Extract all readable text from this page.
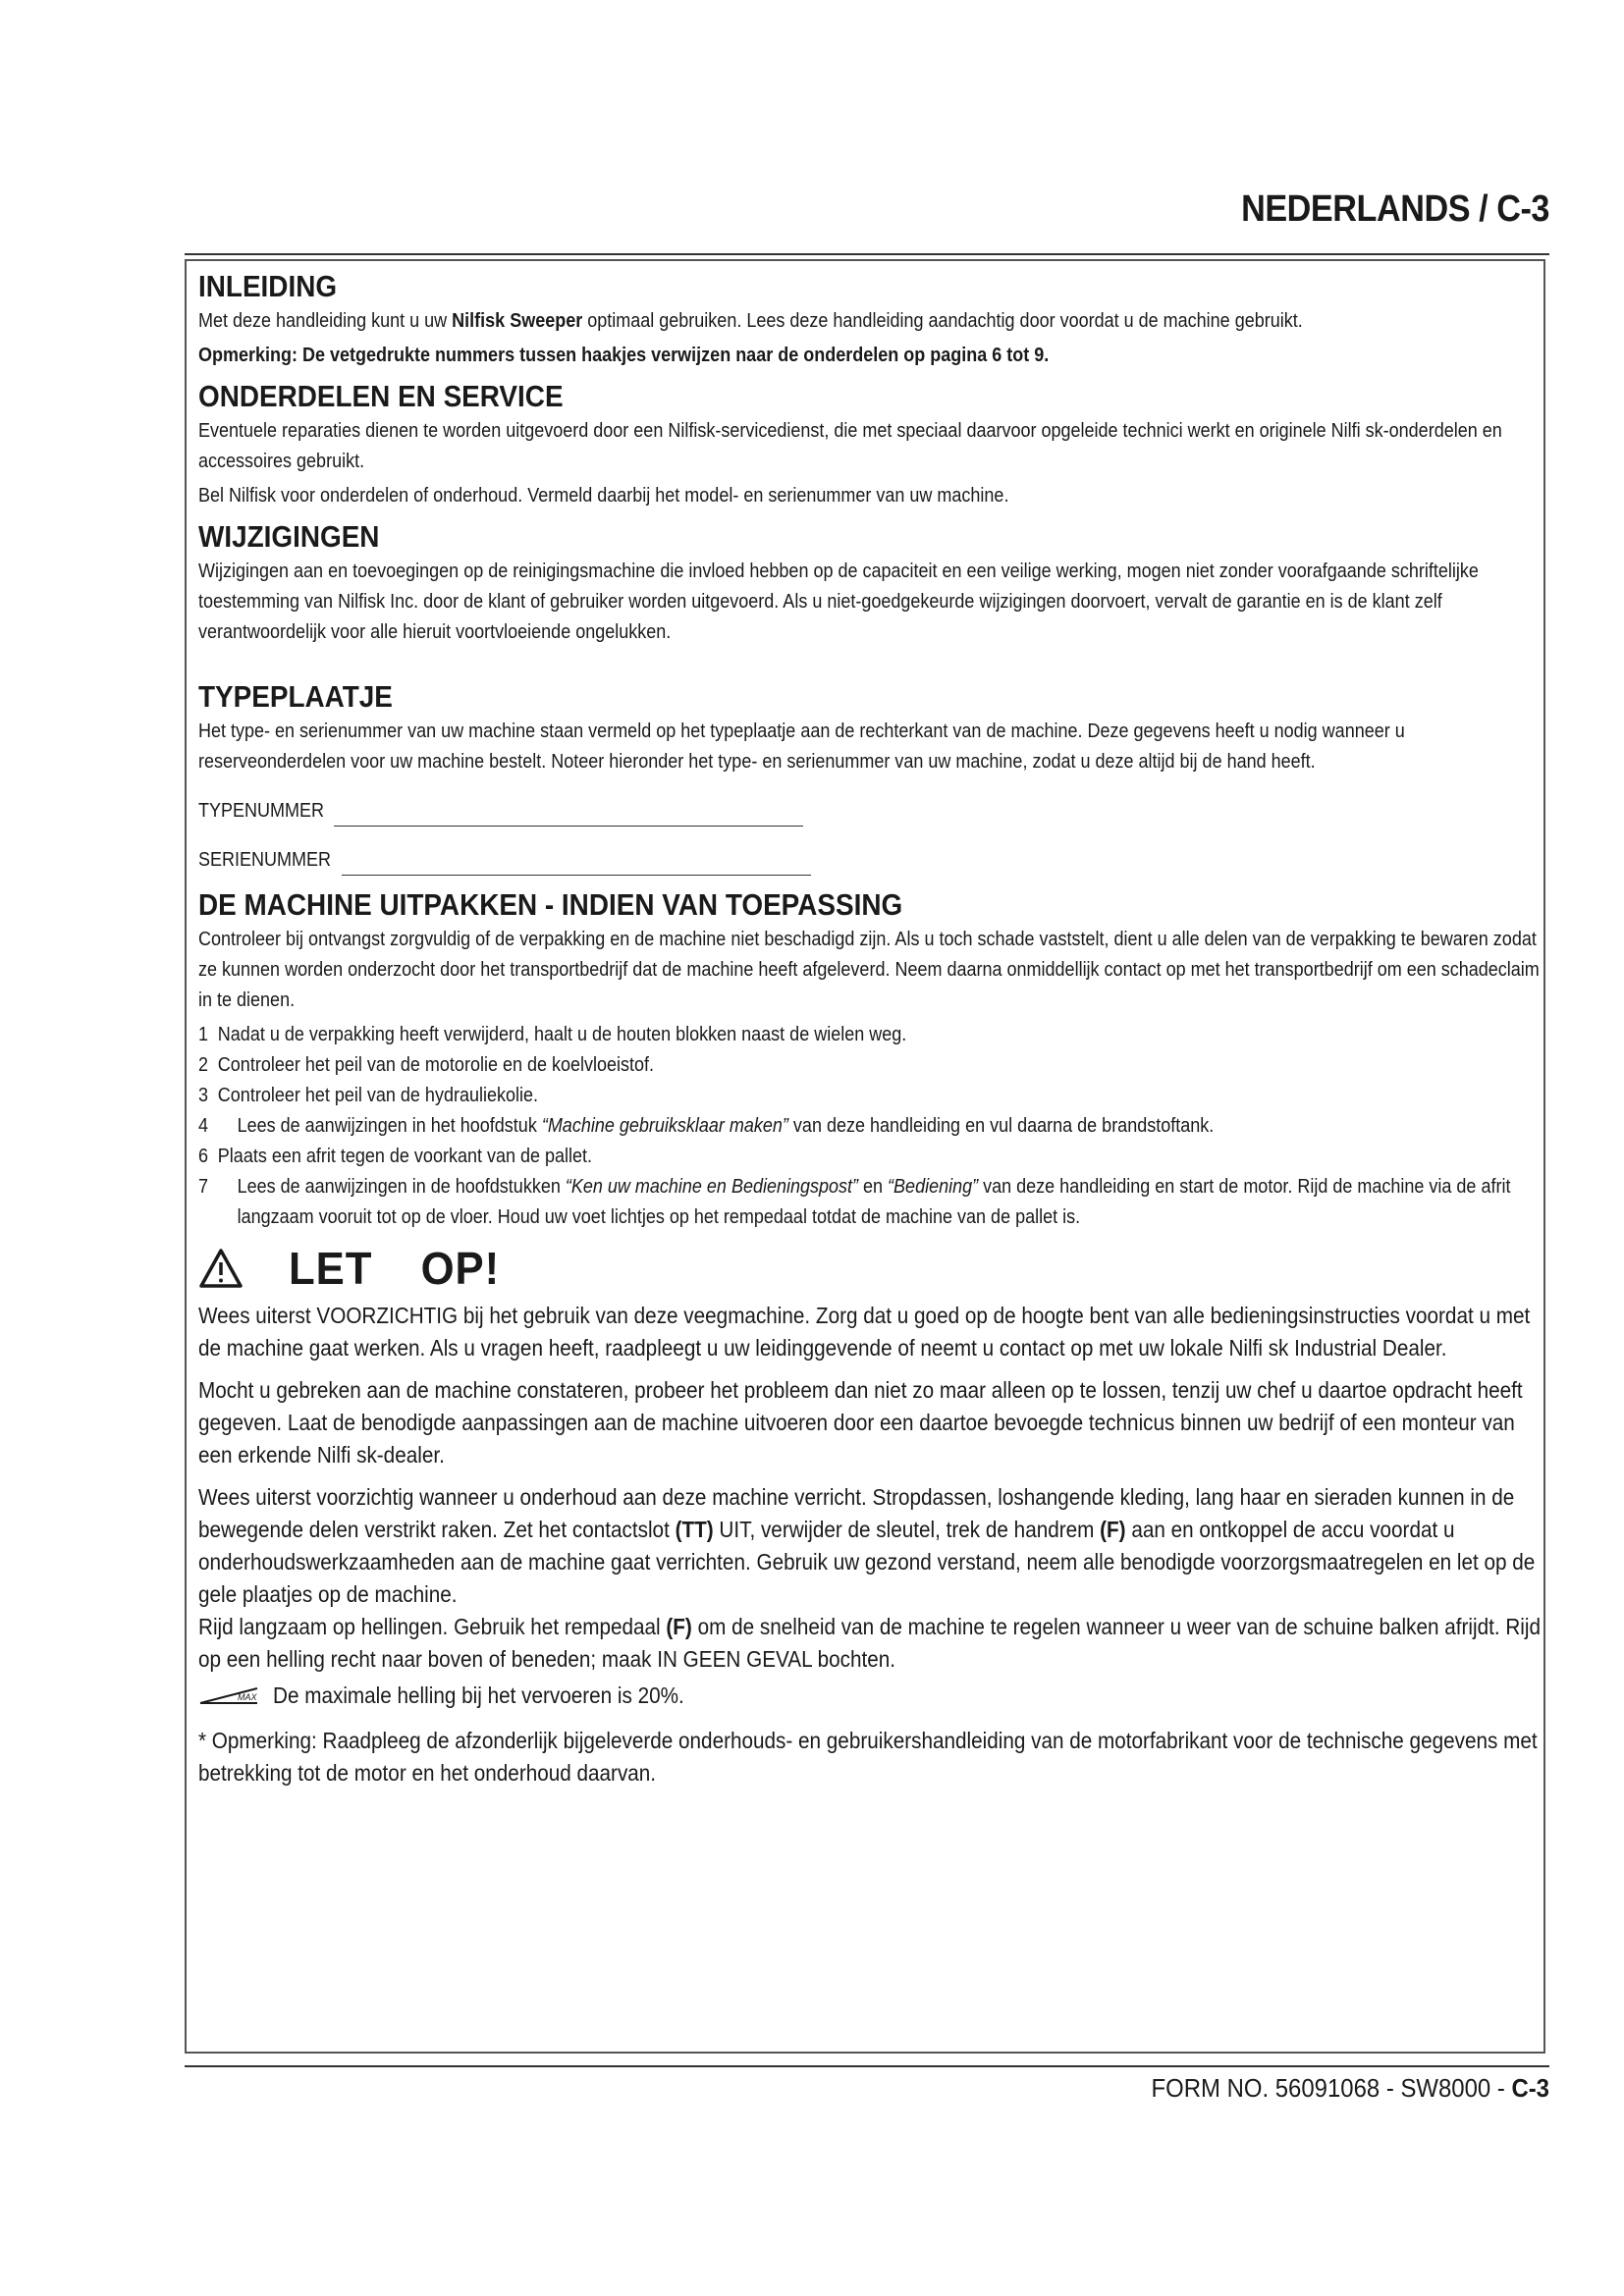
NEDERLANDS / C-3
INLEIDING

Met deze handleiding kunt u uw Nilfisk Sweeper optimaal gebruiken. Lees deze handleiding aandachtig door voordat u de machine gebruikt.

Opmerking: De vetgedrukte nummers tussen haakjes verwijzen naar de onderdelen op pagina 6 tot 9.

ONDERDELEN EN SERVICE

Eventuele reparaties dienen te worden uitgevoerd door een Nilfisk-servicedienst, die met speciaal daarvoor opgeleide technici werkt en originele Nilfi sk-onderdelen en accessoires gebruikt.

Bel Nilfisk voor onderdelen of onderhoud. Vermeld daarbij het model- en serienummer van uw machine.

WIJZIGINGEN

Wijzigingen aan en toevoegingen op de reinigingsmachine die invloed hebben op de capaciteit en een veilige werking, mogen niet zonder voorafgaande schriftelijke toestemming van Nilfisk Inc. door de klant of gebruiker worden uitgevoerd. Als u niet-goedgekeurde wijzigingen doorvoert, vervalt de garantie en is de klant zelf verantwoordelijk voor alle hieruit voortvloeiende ongelukken.

TYPEPLAATJE

Het type- en serienummer van uw machine staan vermeld op het typeplaatje aan de rechterkant van de machine. Deze gegevens heeft u nodig wanneer u reserveonderdelen voor uw machine bestelt. Noteer hieronder het type- en serienummer van uw machine, zodat u deze altijd bij de hand heeft.

TYPENUMMER
SERIENUMMER
DE MACHINE UITPAKKEN - INDIEN VAN TOEPASSING

Controleer bij ontvangst zorgvuldig of de verpakking en de machine niet beschadigd zijn. Als u toch schade vaststelt, dient u alle delen van de verpakking te bewaren zodat ze kunnen worden onderzocht door het transportbedrijf dat de machine heeft afgeleverd. Neem daarna onmiddellijk contact op met het transportbedrijf om een schadeclaim in te dienen.

1 Nadat u de verpakking heeft verwijderd, haalt u de houten blokken naast de wielen weg.
2 Controleer het peil van de motorolie en de koelvloeistof.
3 Controleer het peil van de hydrauliekolie.
4	Lees de aanwijzingen in het hoofdstuk “Machine gebruiksklaar maken” van deze handleiding en vul daarna de brandstoftank.
6 Plaats een afrit tegen de voorkant van de pallet.
7	Lees de aanwijzingen in de hoofdstukken “Ken uw machine en Bedieningspost” en “Bediening” van deze handleiding en start de motor. Rijd de machine via de afrit langzaam vooruit tot op de vloer. Houd uw voet lichtjes op het rempedaal totdat de machine van de pallet is.
LET OP!

Wees uiterst VOORZICHTIG bij het gebruik van deze veegmachine. Zorg dat u goed op de hoogte bent van alle bedieningsinstructies voordat u met de machine gaat werken. Als u vragen heeft, raadpleegt u uw leidinggevende of neemt u contact op met uw lokale Nilfi sk Industrial Dealer.

Mocht u gebreken aan de machine constateren, probeer het probleem dan niet zo maar alleen op te lossen, tenzij uw chef u daartoe opdracht heeft gegeven. Laat de benodigde aanpassingen aan de machine uitvoeren door een daartoe bevoegde technicus binnen uw bedrijf of een monteur van een erkende Nilfi sk-dealer.

Wees uiterst voorzichtig wanneer u onderhoud aan deze machine verricht. Stropdassen, loshangende kleding, lang haar en sieraden kunnen in de bewegende delen verstrikt raken. Zet het contactslot (TT) UIT, verwijder de sleutel, trek de handrem (F) aan en ontkoppel de accu voordat u onderhoudswerkzaamheden aan de machine gaat verrichten. Gebruik uw gezond verstand, neem alle benodigde voorzorgsmaatregelen en let op de gele plaatjes op de machine.

Rijd langzaam op hellingen. Gebruik het rempedaal (F) om de snelheid van de machine te regelen wanneer u weer van de schuine balken afrijdt. Rijd op een helling recht naar boven of beneden; maak IN GEEN GEVAL bochten.

MAX De maximale helling bij het vervoeren is 20%.

* Opmerking: Raadpleeg de afzonderlijk bijgeleverde onderhouds- en gebruikershandleiding van de motorfabrikant voor de technische gegevens met betrekking tot de motor en het onderhoud daarvan.

FORM NO. 56091068 - SW8000 - C-3
